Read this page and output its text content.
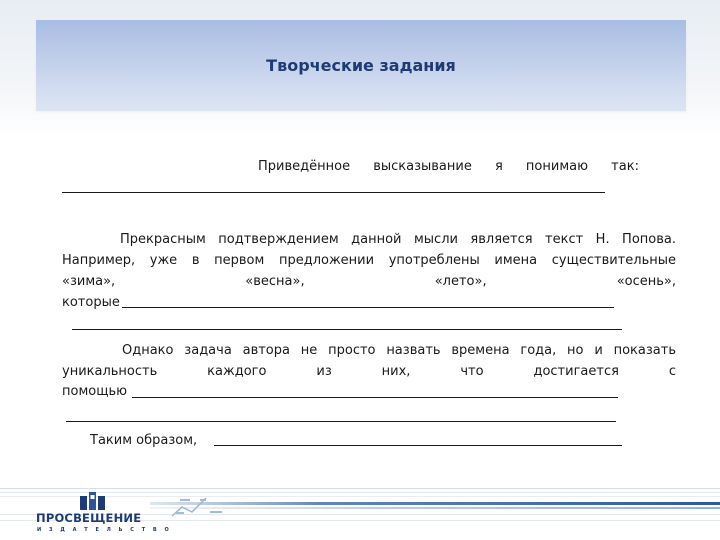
Творческие задания
Приведённое высказывание я понимаю так:
Прекрасным подтверждением данной мысли является текст Н. Попова.
Например, уже в первом предложении употреблены имена существительные
«зима», «весна», «лето», «осень»,
которые
Однако задача автора не просто назвать времена года, но и показать
уникальность каждого из них, что достигается с
помощью
Таким образом,
ПРОСВЕЩЕНИЕ
ИЗДАТЕЛЬСТВО
